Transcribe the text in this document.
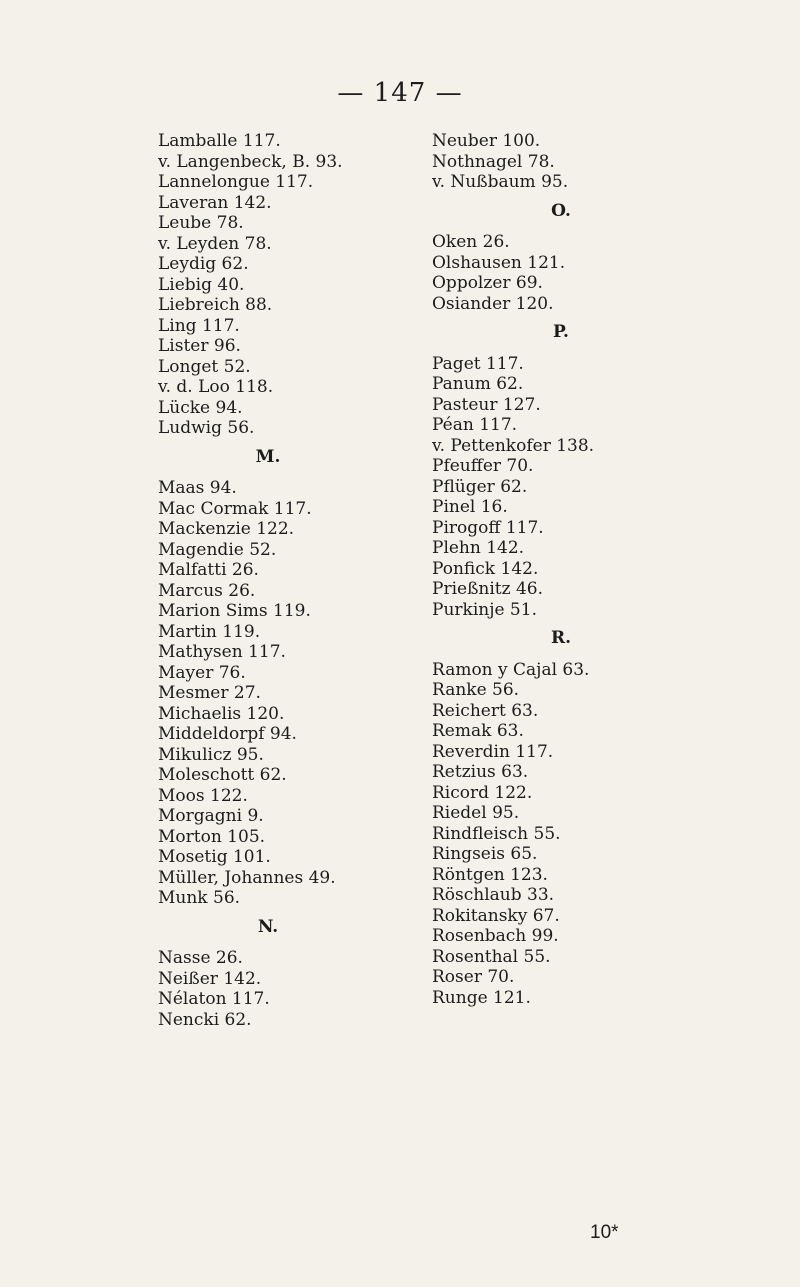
— 147 —
Lamballe 117.
v. Langenbeck, B. 93.
Lannelongue 117.
Laveran 142.
Leube 78.
v. Leyden 78.
Leydig 62.
Liebig 40.
Liebreich 88.
Ling 117.
Lister 96.
Longet 52.
v. d. Loo 118.
Lücke 94.
Ludwig 56.
M.
Maas 94.
Mac Cormak 117.
Mackenzie 122.
Magendie 52.
Malfatti 26.
Marcus 26.
Marion Sims 119.
Martin 119.
Mathysen 117.
Mayer 76.
Mesmer 27.
Michaelis 120.
Middeldorpf 94.
Mikulicz 95.
Moleschott 62.
Moos 122.
Morgagni 9.
Morton 105.
Mosetig 101.
Müller, Johannes 49.
Munk 56.
N.
Nasse 26.
Neißer 142.
Nélaton 117.
Nencki 62.
Neuber 100.
Nothnagel 78.
v. Nußbaum 95.
O.
Oken 26.
Olshausen 121.
Oppolzer 69.
Osiander 120.
P.
Paget 117.
Panum 62.
Pasteur 127.
Péan 117.
v. Pettenkofer 138.
Pfeuffer 70.
Pflüger 62.
Pinel 16.
Pirogoff 117.
Plehn 142.
Ponfick 142.
Prießnitz 46.
Purkinje 51.
R.
Ramon y Cajal 63.
Ranke 56.
Reichert 63.
Remak 63.
Reverdin 117.
Retzius 63.
Ricord 122.
Riedel 95.
Rindfleisch 55.
Ringseis 65.
Röntgen 123.
Röschlaub 33.
Rokitansky 67.
Rosenbach 99.
Rosenthal 55.
Roser 70.
Runge 121.
10*
